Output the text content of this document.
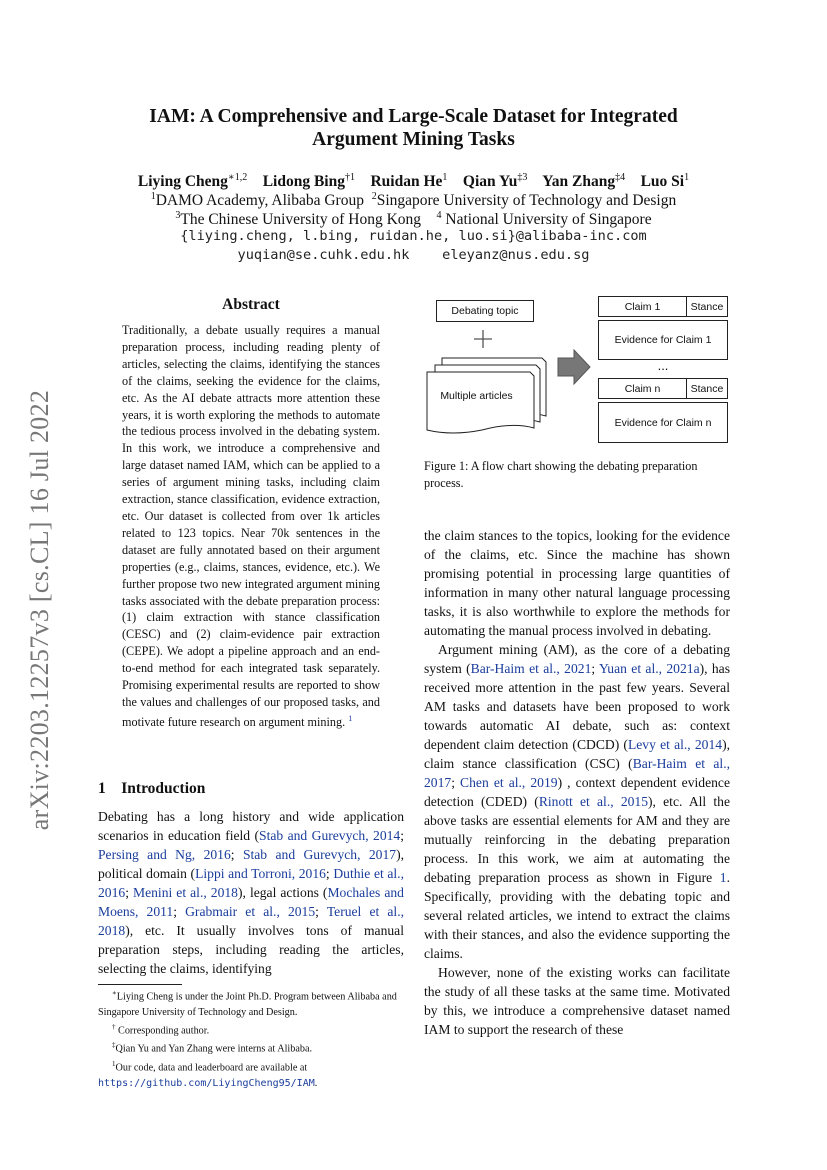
arXiv:2203.12257v3 [cs.CL] 16 Jul 2022
IAM: A Comprehensive and Large-Scale Dataset for Integrated
Argument Mining Tasks
Liying Cheng$^{∗1,2}$ Lidong Bing$^{\dagger 1}$ Ruidan He$^1$ Qian Yu$^{\ddagger 3}$ Yan Zhang$^{\ddagger 4}$ Luo Si$^1$
$^1$DAMO Academy, Alibaba Group $^2$Singapore University of Technology and Design
$^3$The Chinese University of Hong Kong $^4$ National University of Singapore
{liying.cheng, l.bing, ruidan.he, luo.si}@alibaba-inc.com
yuqian@se.cuhk.edu.hk    eleyanz@nus.edu.sg
Abstract
Traditionally, a debate usually requires a manual preparation process, including reading plenty of articles, selecting the claims, identifying the stances of the claims, seeking the evidence for the claims, etc. As the AI debate attracts more attention these years, it is worth exploring the methods to automate the tedious process involved in the debating system. In this work, we introduce a comprehensive and large dataset named IAM, which can be applied to a series of argument mining tasks, including claim extraction, stance classification, evidence extraction, etc. Our dataset is collected from over 1k articles related to 123 topics. Near 70k sentences in the dataset are fully annotated based on their argument properties (e.g., claims, stances, evidence, etc.). We further propose two new integrated argument mining tasks associated with the debate preparation process: (1) claim extraction with stance classification (CESC) and (2) claim-evidence pair extraction (CEPE). We adopt a pipeline approach and an end-to-end method for each integrated task separately. Promising experimental results are reported to show the values and challenges of our proposed tasks, and motivate future research on argument mining. $^1$
1 Introduction
Debating has a long history and wide application scenarios in education field (Stab and Gurevych, 2014; Persing and Ng, 2016; Stab and Gurevych, 2017), political domain (Lippi and Torroni, 2016; Duthie et al., 2016; Menini et al., 2018), legal actions (Mochales and Moens, 2011; Grabmair et al., 2015; Teruel et al., 2018), etc. It usually involves tons of manual preparation steps, including reading the articles, selecting the claims, identifying
∗Liying Cheng is under the Joint Ph.D. Program between Alibaba and Singapore University of Technology and Design.
† Corresponding author.
‡Qian Yu and Yan Zhang were interns at Alibaba.
$^1$Our code, data and leaderboard are available at https://github.com/LiyingCheng95/IAM.
Debating topic
Multiple articles
Claim 1	Stance
Evidence for Claim 1
...
Claim n	Stance
Evidence for Claim n
Figure 1: A flow chart showing the debating preparation process.

the claim stances to the topics, looking for the evidence of the claims, etc. Since the machine has shown promising potential in processing large quantities of information in many other natural language processing tasks, it is also worthwhile to explore the methods for automating the manual process involved in debating.

Argument mining (AM), as the core of a debating system (Bar-Haim et al., 2021; Yuan et al., 2021a), has received more attention in the past few years. Several AM tasks and datasets have been proposed to work towards automatic AI debate, such as: context dependent claim detection (CDCD) (Levy et al., 2014), claim stance classification (CSC) (Bar-Haim et al., 2017; Chen et al., 2019) , context dependent evidence detection (CDED) (Rinott et al., 2015), etc. All the above tasks are essential elements for AM and they are mutually reinforcing in the debating preparation process. In this work, we aim at automating the debating preparation process as shown in Figure 1. Specifically, providing with the debating topic and several related articles, we intend to extract the claims with their stances, and also the evidence supporting the claims.

However, none of the existing works can facilitate the study of all these tasks at the same time. Motivated by this, we introduce a comprehensive dataset named IAM to support the research of these
